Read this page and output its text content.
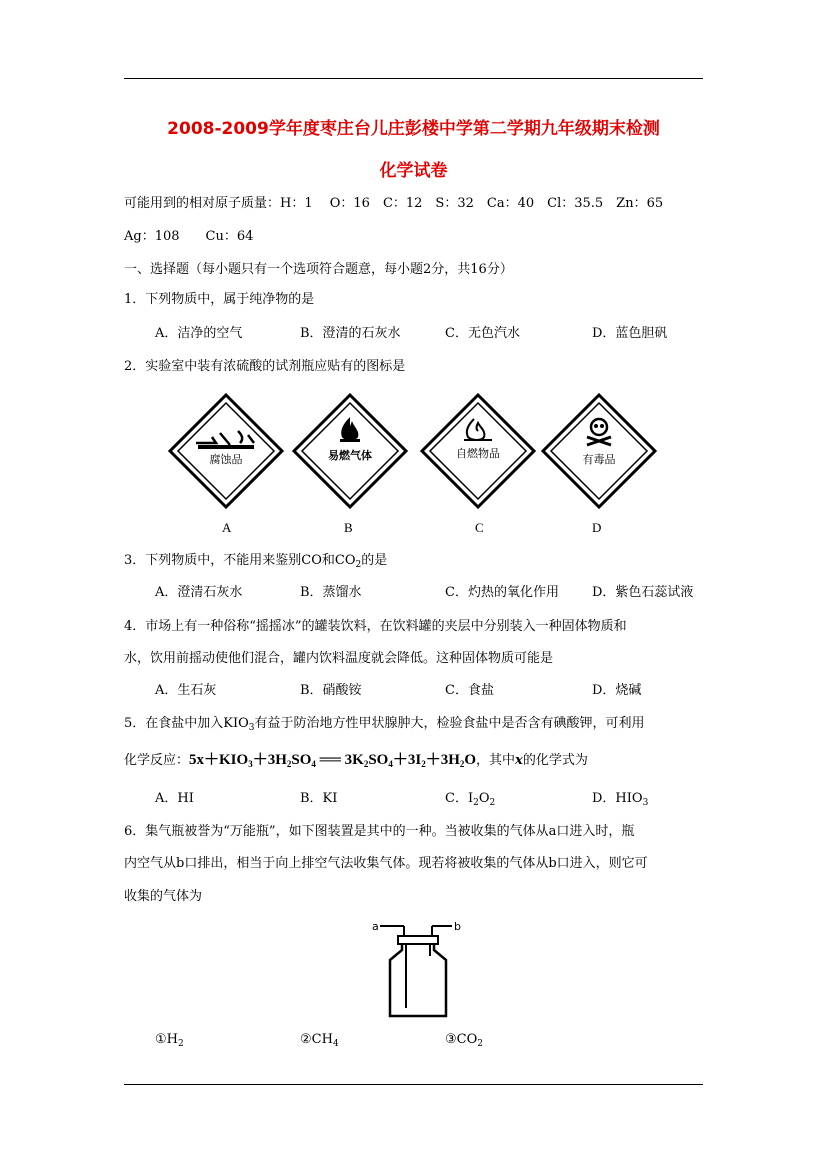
2008-2009学年度枣庄台儿庄彭楼中学第二学期九年级期末检测
化学试卷
可能用到的相对原子质量：H：1　 O：16　C：12　S：32　Ca：40　Cl：35.5　Zn：65
Ag：108　　Cu：64
一、选择题（每小题只有一个选项符合题意，每小题2分，共16分）
1．下列物质中，属于纯净物的是
A．洁净的空气	B．澄清的石灰水	C．无色汽水	D．蓝色胆矾
2．实验室中装有浓硫酸的试剂瓶应贴有的图标是
腐蚀品	易燃气体	自燃物品	有毒品
A	B	C	D
3．下列物质中，不能用来鉴别CO和$CO_2$的是
A．澄清石灰水	B．蒸馏水	C．灼热的氧化作用	D．紫色石蕊试液
4．市场上有一种俗称“摇摇冰”的罐装饮料，在饮料罐的夹层中分别装入一种固体物质和
水，饮用前摇动使他们混合，罐内饮料温度就会降低。这种固体物质可能是
A．生石灰	B．硝酸铵	C．食盐	D．烧碱
5．在食盐中加入$KIO_3$有益于防治地方性甲状腺肿大，检验食盐中是否含有碘酸钾，可利用
化学反应：$5x+KIO_3+3H_2SO_4$ ══ $3K_2SO_4+3I_2+3H_2O$，其中x的化学式为
A．HI	B．KI	C．$I_2O_2$	D．$HIO_3$
6．集气瓶被誉为“万能瓶”，如下图装置是其中的一种。当被收集的气体从a口进入时，瓶
内空气从b口排出，相当于向上排空气法收集气体。现若将被收集的气体从b口进入，则它可
收集的气体为
a	b
$①H_2$	$②CH_4$	$③CO_2$
